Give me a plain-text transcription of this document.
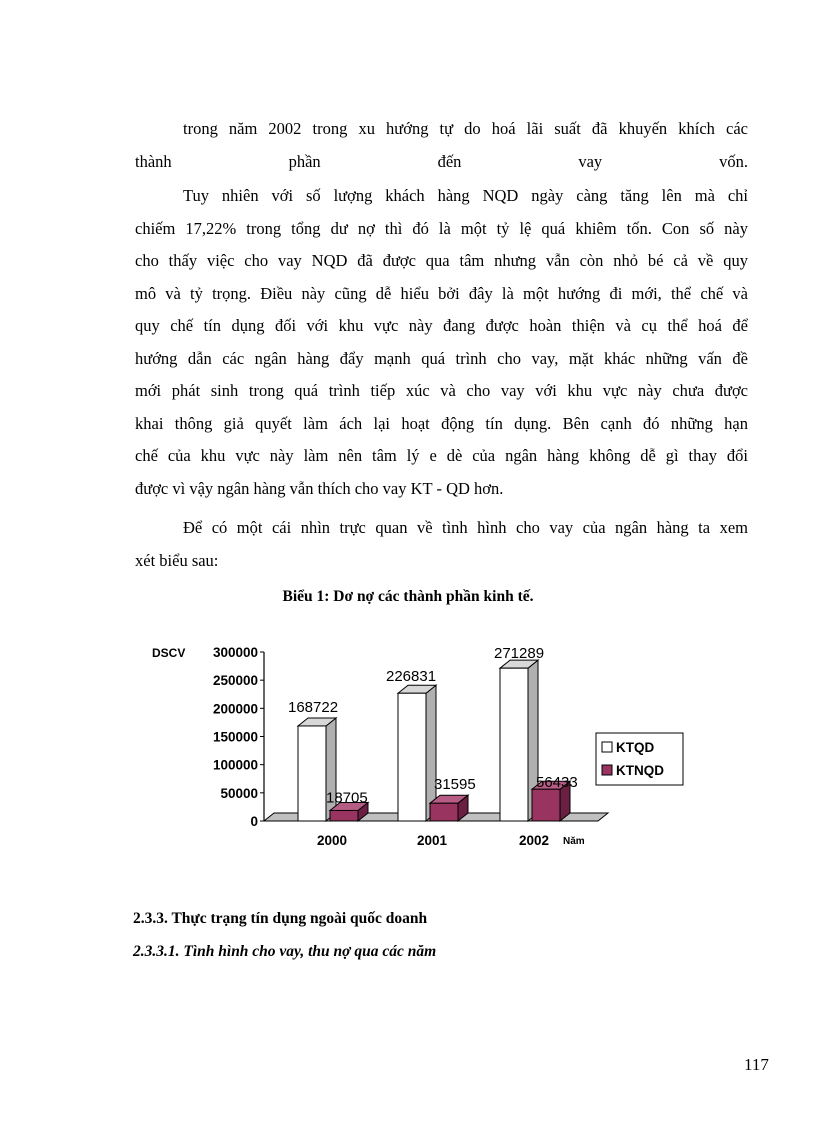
trong năm 2002 trong xu hướng tự do hoá lãi suất đã khuyến khích các
thành phần đến vay vốn.
Tuy nhiên với số lượng khách hàng NQD ngày càng tăng lên mà chỉ
chiếm 17,22% trong tổng dư nợ thì đó là một tỷ lệ quá khiêm tốn. Con số này
cho thấy việc cho vay NQD đã được qua tâm nhưng vẫn còn nhỏ bé cả về quy
mô và tỷ trọng. Điều này cũng dễ hiểu bởi đây là một hướng đi mới, thể chế và
quy chế tín dụng đối với khu vực này đang được hoàn thiện và cụ thể hoá để
hướng dẫn các ngân hàng đẩy mạnh quá trình cho vay, mặt khác những vấn đề
mới phát sinh trong quá trình tiếp xúc và cho vay với khu vực này chưa được
khai thông giả quyết làm ách lại hoạt động tín dụng. Bên cạnh đó những hạn
chế của khu vực này làm nên tâm lý e dè của ngân hàng không dễ gì thay đổi
được vì vậy ngân hàng vẫn thích cho vay KT - QD hơn.
Để có một cái nhìn trực quan về tình hình cho vay của ngân hàng ta xem
xét biểu sau:
Biểu 1: Dơ nợ các thành phần kinh tế.
0
50000
100000
150000
200000
250000
300000
DSCV
168722
18705
2000
226831
31595
2001
271289
56433
2002 Năm
KTQD
KTNQD
2.3.3. Thực trạng tín dụng ngoài quốc doanh
2.3.3.1. Tình hình cho vay, thu nợ qua các năm
117
